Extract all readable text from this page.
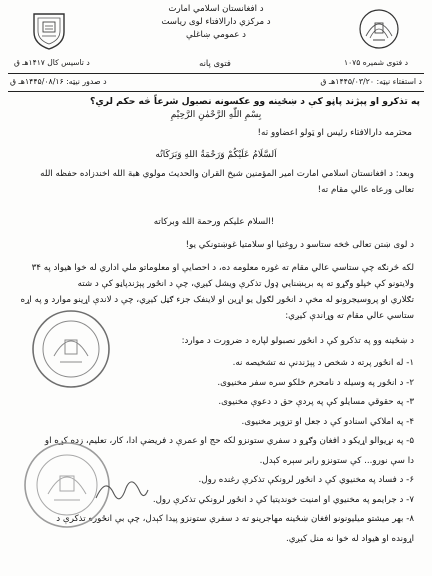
د افغانستان اسلامي امارت
د مرکزي دارالافتاء لوی ریاست
د عمومي ښاغلې
د تاسیس کال ۱۴۱۷هـ ق	فتوی پانه	د فتوی شمیره ۱۰۷۵
د استفتاء نیټه: ۱۴۴۵/۰۳/۲۰هـ ق
د صدور نیټه: ۱۴۴۵/۰۸/۱۶هـ ق
په تذکرو او پېژند پاڼو کې د ښځینه وو عکسونه نصبول شرعاً څه حکم لري؟
بِسْمِ اللّٰهِ الرَّحْمٰنِ الرَّحِيْمِ
محترمه دارالافتاء رئیس او ټولو اعضاوو ته!
اَلسَّلَامُ عَلَيْكُمْ وَرَحْمَةُ اللهِ وَبَرَكَاتُه
وبعد: د افغانستان اسلامي امارت امیر المؤمنین شیخ القران والحدیث مولوي هبة الله اخندزاده حفظه الله
تعالی ورعاه عالي مقام ته!
السلام علیکم ورحمة الله وبرکاته!
د لوی ښتن تعالی څخه ستاسو د روغتیا او سلامتیا غوښتونکي یو!
لکه څرنګه چې ستاسي عالي مقام ته غوره معلومه ده، د احصایې او معلوماتو ملي اداري له خوا هیواد په ۳۴
ولایتونو کې خپلو وګړو ته په برېښنايي ډول تذکرې ویشل کیږي، چې د انځور پېژندپاڼو کې د شته
تګلاري او پروسیجرونو له مخې د انځور لګول یو اړین او لاینفک جزء ګڼل کیږي، چې د لاندې اړینو موارد و په اړه
ستاسي عالي مقام ته وړاندې کیږي:
د ښځینه وو په تذکرو کې د انځور نصبولو لپاره د ضرورت د موارد:
۱- له انځور پرته د شخص د پېژندنې نه تشخیصه نه.
۲- د انځور په وسیله د نامحرم خلکو سره سفر مخنیوی.
۳- په حقوقي مسایلو کې په پردې حق د دعوې مخنیوی.
۴- په املاکي اسنادو کې د جعل او تزویر مخنیوی.
۵- په نړیوالو اړیکو د افغان وګړو د سفري ستونزو لکه حج او عمرې د فریضې ادا، کار، تعلیم، زده کړه او
دا سې نورو... کې ستونزو رابر سېره کېدل.
۶- د فساد په مخنیوي کې د انځور لرونکې تذکرې رغنده رول.
۷- د جرایمو په مخنیوي او امنیت خونديتیا کې د انځور لرونکي تذکرې رول.
۸- بهر میشتو میلیونونو افغان ښځینه مهاجرینو ته د سفري ستونزو پیدا کېدل، چې بې انځوره تذکرې د
اړونده او هیواد له خوا نه منل کیږي.
